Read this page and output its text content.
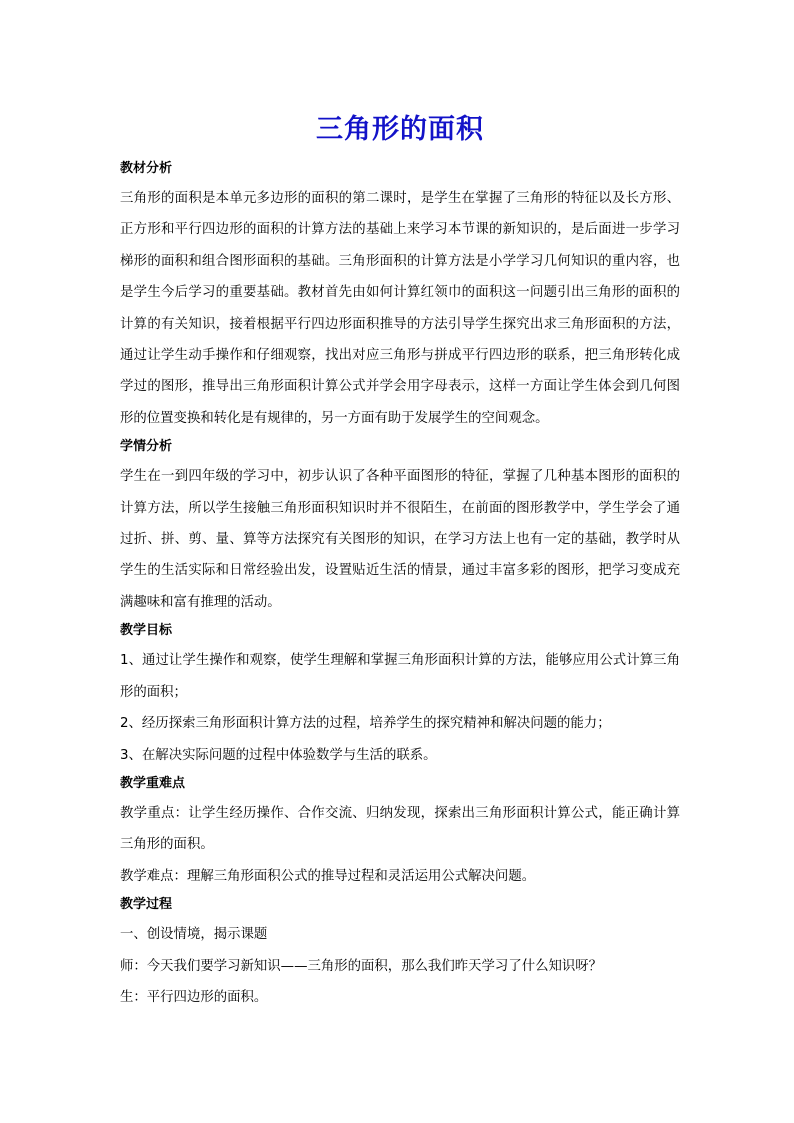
三角形的面积
教材分析

三角形的面积是本单元多边形的面积的第二课时，是学生在掌握了三角形的特征以及长方形、正方形和平行四边形的面积的计算方法的基础上来学习本节课的新知识的，是后面进一步学习梯形的面积和组合图形面积的基础。三角形面积的计算方法是小学学习几何知识的重内容，也是学生今后学习的重要基础。教材首先由如何计算红领巾的面积这一问题引出三角形的面积的计算的有关知识，接着根据平行四边形面积推导的方法引导学生探究出求三角形面积的方法，通过让学生动手操作和仔细观察，找出对应三角形与拼成平行四边形的联系，把三角形转化成学过的图形，推导出三角形面积计算公式并学会用字母表示，这样一方面让学生体会到几何图形的位置变换和转化是有规律的，另一方面有助于发展学生的空间观念。

学情分析

学生在一到四年级的学习中，初步认识了各种平面图形的特征，掌握了几种基本图形的面积的计算方法，所以学生接触三角形面积知识时并不很陌生，在前面的图形教学中，学生学会了通过折、拼、剪、量、算等方法探究有关图形的知识，在学习方法上也有一定的基础，教学时从学生的生活实际和日常经验出发，设置贴近生活的情景，通过丰富多彩的图形，把学习变成充满趣味和富有推理的活动。

教学目标

1、通过让学生操作和观察，使学生理解和掌握三角形面积计算的方法，能够应用公式计算三角形的面积；

2、经历探索三角形面积计算方法的过程，培养学生的探究精神和解决问题的能力；

3、在解决实际问题的过程中体验数学与生活的联系。

教学重难点

教学重点：让学生经历操作、合作交流、归纳发现，探索出三角形面积计算公式，能正确计算三角形的面积。

教学难点：理解三角形面积公式的推导过程和灵活运用公式解决问题。

教学过程

一、创设情境，揭示课题

师：今天我们要学习新知识——三角形的面积，那么我们昨天学习了什么知识呀？

生：平行四边形的面积。
